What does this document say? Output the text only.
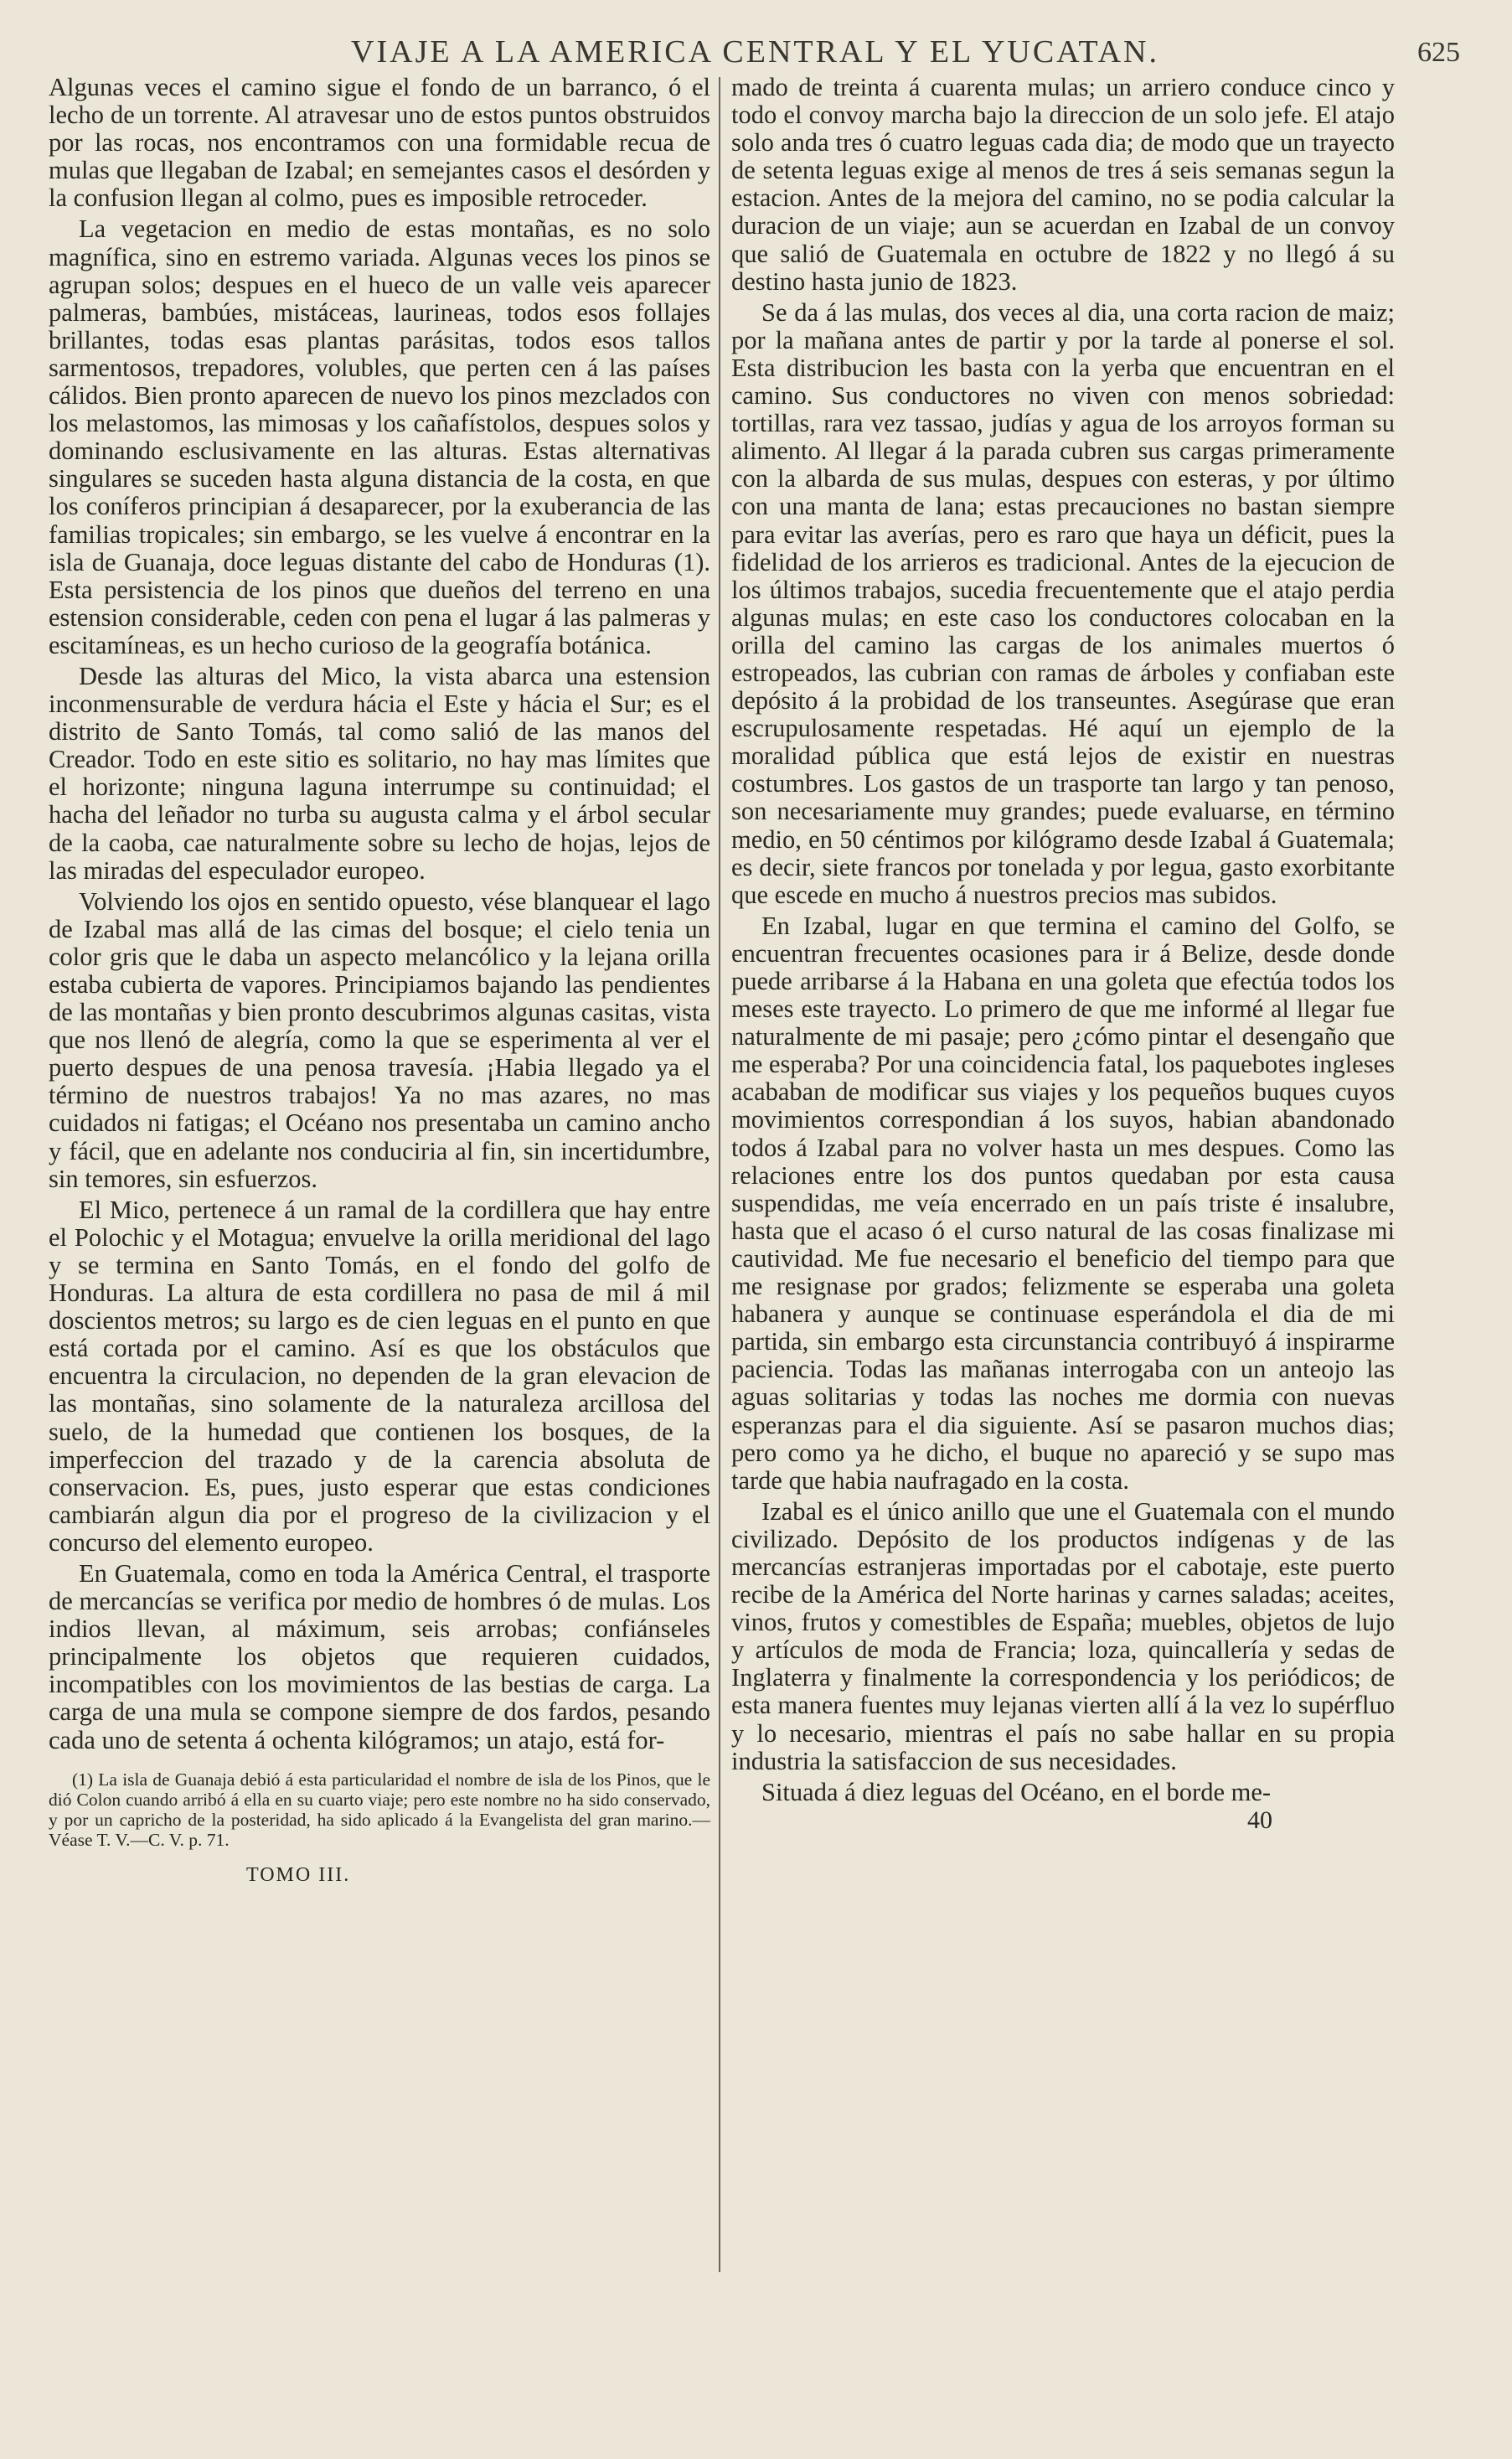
VIAJE A LA AMERICA CENTRAL Y EL YUCATAN.	625

Algunas veces el camino sigue el fondo de un barranco, ó el lecho de un torrente. Al atravesar uno de estos puntos obstruidos por las rocas, nos encontramos con una formidable recua de mulas que llegaban de Izabal; en semejantes casos el desórden y la confusion llegan al colmo, pues es imposible retroceder.

La vegetacion en medio de estas montañas, es no solo magnífica, sino en estremo variada. Algunas veces los pinos se agrupan solos; despues en el hueco de un valle veis aparecer palmeras, bambúes, mistáceas, laurineas, todos esos follajes brillantes, todas esas plantas parásitas, todos esos tallos sarmentosos, trepadores, volubles, que perten cen á las países cálidos. Bien pronto aparecen de nuevo los pinos mezclados con los melastomos, las mimosas y los cañafístolos, despues solos y dominando esclusivamente en las alturas. Estas alternativas singulares se suceden hasta alguna distancia de la costa, en que los coníferos principian á desaparecer, por la exuberancia de las familias tropicales; sin embargo, se les vuelve á encontrar en la isla de Guanaja, doce leguas distante del cabo de Honduras (1). Esta persistencia de los pinos que dueños del terreno en una estension considerable, ceden con pena el lugar á las palmeras y escitamíneas, es un hecho curioso de la geografía botánica.

Desde las alturas del Mico, la vista abarca una estension inconmensurable de verdura hácia el Este y hácia el Sur; es el distrito de Santo Tomás, tal como salió de las manos del Creador. Todo en este sitio es solitario, no hay mas límites que el horizonte; ninguna laguna interrumpe su continuidad; el hacha del leñador no turba su augusta calma y el árbol secular de la caoba, cae naturalmente sobre su lecho de hojas, lejos de las miradas del especulador europeo.

Volviendo los ojos en sentido opuesto, vése blanquear el lago de Izabal mas allá de las cimas del bosque; el cielo tenia un color gris que le daba un aspecto melancólico y la lejana orilla estaba cubierta de vapores. Principiamos bajando las pendientes de las montañas y bien pronto descubrimos algunas casitas, vista que nos llenó de alegría, como la que se esperimenta al ver el puerto despues de una penosa travesía. ¡Habia llegado ya el término de nuestros trabajos! Ya no mas azares, no mas cuidados ni fatigas; el Océano nos presentaba un camino ancho y fácil, que en adelante nos conduciria al fin, sin incertidumbre, sin temores, sin esfuerzos.

El Mico, pertenece á un ramal de la cordillera que hay entre el Polochic y el Motagua; envuelve la orilla meridional del lago y se termina en Santo Tomás, en el fondo del golfo de Honduras. La altura de esta cordillera no pasa de mil á mil doscientos metros; su largo es de cien leguas en el punto en que está cortada por el camino. Así es que los obstáculos que encuentra la circulacion, no dependen de la gran elevacion de las montañas, sino solamente de la naturaleza arcillosa del suelo, de la humedad que contienen los bosques, de la imperfeccion del trazado y de la carencia absoluta de conservacion. Es, pues, justo esperar que estas condiciones cambiarán algun dia por el progreso de la civilizacion y el concurso del elemento europeo.

En Guatemala, como en toda la América Central, el trasporte de mercancías se verifica por medio de hombres ó de mulas. Los indios llevan, al máximum, seis arrobas; confiánseles principalmente los objetos que requieren cuidados, incompatibles con los movimientos de las bestias de carga. La carga de una mula se compone siempre de dos fardos, pesando cada uno de setenta á ochenta kilógramos; un atajo, está for-

(1) La isla de Guanaja debió á esta particularidad el nombre de isla de los Pinos, que le dió Colon cuando arribó á ella en su cuarto viaje; pero este nombre no ha sido conservado, y por un capricho de la posteridad, ha sido aplicado á la Evangelista del gran marino.—Véase T. V.—C. V. p. 71.

TOMO III.

mado de treinta á cuarenta mulas; un arriero conduce cinco y todo el convoy marcha bajo la direccion de un solo jefe. El atajo solo anda tres ó cuatro leguas cada dia; de modo que un trayecto de setenta leguas exige al menos de tres á seis semanas segun la estacion. Antes de la mejora del camino, no se podia calcular la duracion de un viaje; aun se acuerdan en Izabal de un convoy que salió de Guatemala en octubre de 1822 y no llegó á su destino hasta junio de 1823.

Se da á las mulas, dos veces al dia, una corta racion de maiz; por la mañana antes de partir y por la tarde al ponerse el sol. Esta distribucion les basta con la yerba que encuentran en el camino. Sus conductores no viven con menos sobriedad: tortillas, rara vez tassao, judías y agua de los arroyos forman su alimento. Al llegar á la parada cubren sus cargas primeramente con la albarda de sus mulas, despues con esteras, y por último con una manta de lana; estas precauciones no bastan siempre para evitar las averías, pero es raro que haya un déficit, pues la fidelidad de los arrieros es tradicional. Antes de la ejecucion de los últimos trabajos, sucedia frecuentemente que el atajo perdia algunas mulas; en este caso los conductores colocaban en la orilla del camino las cargas de los animales muertos ó estropeados, las cubrian con ramas de árboles y confiaban este depósito á la probidad de los transeuntes. Asegúrase que eran escrupulosamente respetadas. Hé aquí un ejemplo de la moralidad pública que está lejos de existir en nuestras costumbres. Los gastos de un trasporte tan largo y tan penoso, son necesariamente muy grandes; puede evaluarse, en término medio, en 50 céntimos por kilógramo desde Izabal á Guatemala; es decir, siete francos por tonelada y por legua, gasto exorbitante que escede en mucho á nuestros precios mas subidos.

En Izabal, lugar en que termina el camino del Golfo, se encuentran frecuentes ocasiones para ir á Belize, desde donde puede arribarse á la Habana en una goleta que efectúa todos los meses este trayecto. Lo primero de que me informé al llegar fue naturalmente de mi pasaje; pero ¿cómo pintar el desengaño que me esperaba? Por una coincidencia fatal, los paquebotes ingleses acababan de modificar sus viajes y los pequeños buques cuyos movimientos correspondian á los suyos, habian abandonado todos á Izabal para no volver hasta un mes despues. Como las relaciones entre los dos puntos quedaban por esta causa suspendidas, me veía encerrado en un país triste é insalubre, hasta que el acaso ó el curso natural de las cosas finalizase mi cautividad. Me fue necesario el beneficio del tiempo para que me resignase por grados; felizmente se esperaba una goleta habanera y aunque se continuase esperándola el dia de mi partida, sin embargo esta circunstancia contribuyó á inspirarme paciencia. Todas las mañanas interrogaba con un anteojo las aguas solitarias y todas las noches me dormia con nuevas esperanzas para el dia siguiente. Así se pasaron muchos dias; pero como ya he dicho, el buque no apareció y se supo mas tarde que habia naufragado en la costa.

Izabal es el único anillo que une el Guatemala con el mundo civilizado. Depósito de los productos indígenas y de las mercancías estranjeras importadas por el cabotaje, este puerto recibe de la América del Norte harinas y carnes saladas; aceites, vinos, frutos y comestibles de España; muebles, objetos de lujo y artículos de moda de Francia; loza, quincallería y sedas de Inglaterra y finalmente la correspondencia y los periódicos; de esta manera fuentes muy lejanas vierten allí á la vez lo supérfluo y lo necesario, mientras el país no sabe hallar en su propia industria la satisfaccion de sus necesidades.

Situada á diez leguas del Océano, en el borde me-

40
